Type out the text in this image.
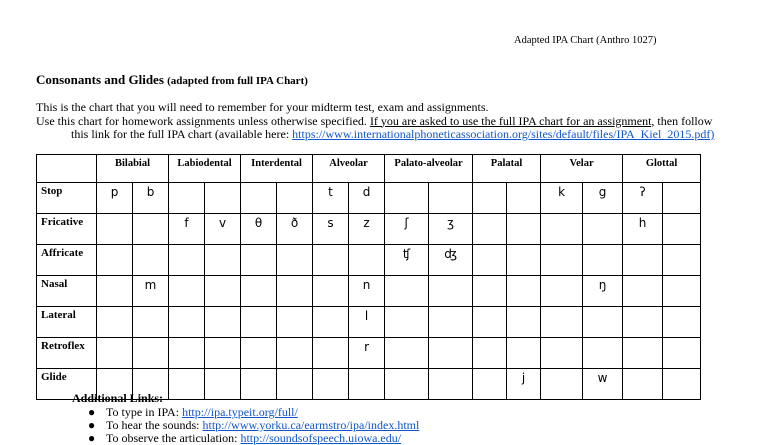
Adapted IPA Chart (Anthro 1027)
Consonants and Glides (adapted from full IPA Chart)
This is the chart that you will need to remember for your midterm test, exam and assignments.
Use this chart for homework assignments unless otherwise specified. If you are asked to use the full IPA chart for an assignment, then follow
this link for the full IPA chart (available here: https://www.internationalphoneticassociation.org/sites/default/files/IPA_Kiel_2015.pdf)
	Bilabial		Labiodental		Interdental		Alveolar		Palato-alveolar		Palatal		Velar		Glottal	
Stop	p	b					t	d					k	g	ʔ	
Fricative			f	v	θ	ð	s	z	ʃ	ʒ					h	
Affricate									ʧ	ʤ						
Nasal		m						n						ŋ		
Lateral								l								
Retroflex								r								
Glide												j		w		
Additional Links:
● To type in IPA: http://ipa.typeit.org/full/
● To hear the sounds: http://www.yorku.ca/earmstro/ipa/index.html
● To observe the articulation: http://soundsofspeech.uiowa.edu/
